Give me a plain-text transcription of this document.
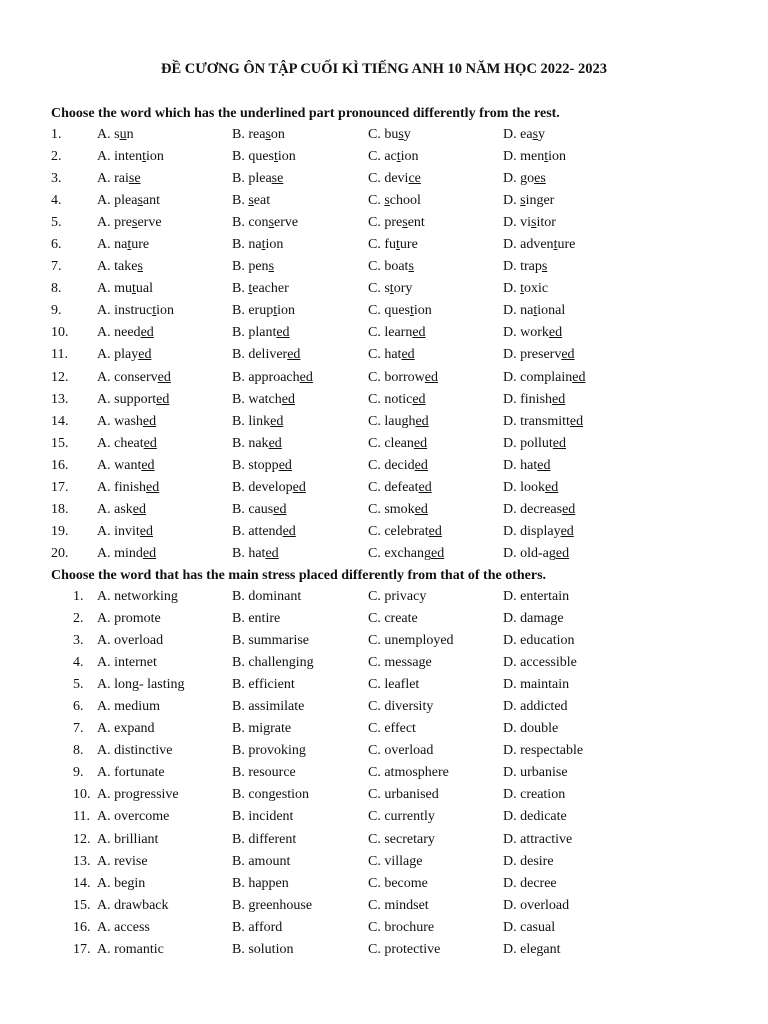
ĐỀ CƯƠNG ÔN TẬP CUỐI KÌ TIẾNG ANH 10 NĂM HỌC 2022- 2023
Choose the word which has the underlined part pronounced differently from the rest.
1.	A. sun	B. reason	C. busy	D. easy
2.	A. intention	B. question	C. action	D. mention
3.	A. raise	B. please	C. device	D. goes
4.	A. pleasant	B. seat	C. school	D. singer
5.	A. preserve	B. conserve	C. present	D. visitor
6.	A. nature	B. nation	C. future	D. adventure
7.	A. takes	B. pens	C. boats	D. traps
8.	A. mutual	B. teacher	C. story	D. toxic
9.	A. instruction	B. eruption	C. question	D. national
10. A. needed	B. planted	C. learned	D. worked
11. A. played	B. delivered	C. hated	D. preserved
12. A. conserved	B. approached	C. borrowed	D. complained
13. A. supported	B. watched	C. noticed	D. finished
14. A. washed	B. linked	C. laughed	D. transmitted
15. A. cheated	B. naked	C. cleaned	D. polluted
16. A. wanted	B. stopped	C. decided	D. hated
17. A. finished	B. developed	C. defeated	D. looked
18. A. asked	B. caused	C. smoked	D. decreased
19. A. invited	B. attended	C. celebrated	D. displayed
20. A. minded	B. hated	C. exchanged	D. old-aged
Choose the word that has the main stress placed differently from that of the others.
1. A. networking	B. dominant	C. privacy	D. entertain
2. A. promote	B. entire	C. create	D. damage
3. A. overload	B. summarise	C. unemployed	D. education
4. A. internet	B. challenging	C. message	D. accessible
5. A. long- lasting	B. efficient	C. leaflet	D. maintain
6. A. medium	B. assimilate	C. diversity	D. addicted
7. A. expand	B. migrate	C. effect	D. double
8. A. distinctive	B. provoking	C. overload	D. respectable
9. A. fortunate	B. resource	C. atmosphere	D. urbanise
10. A. progressive	B. congestion	C. urbanised	D. creation
11. A. overcome	B. incident	C. currently	D. dedicate
12. A. brilliant	B. different	C. secretary	D. attractive
13. A. revise	B. amount	C. village	D. desire
14. A. begin	B. happen	C. become	D. decree
15. A. drawback	B. greenhouse	C. mindset	D. overload
16. A. access	B. afford	C. brochure	D. casual
17. A. romantic	B. solution	C. protective	D. elegant
